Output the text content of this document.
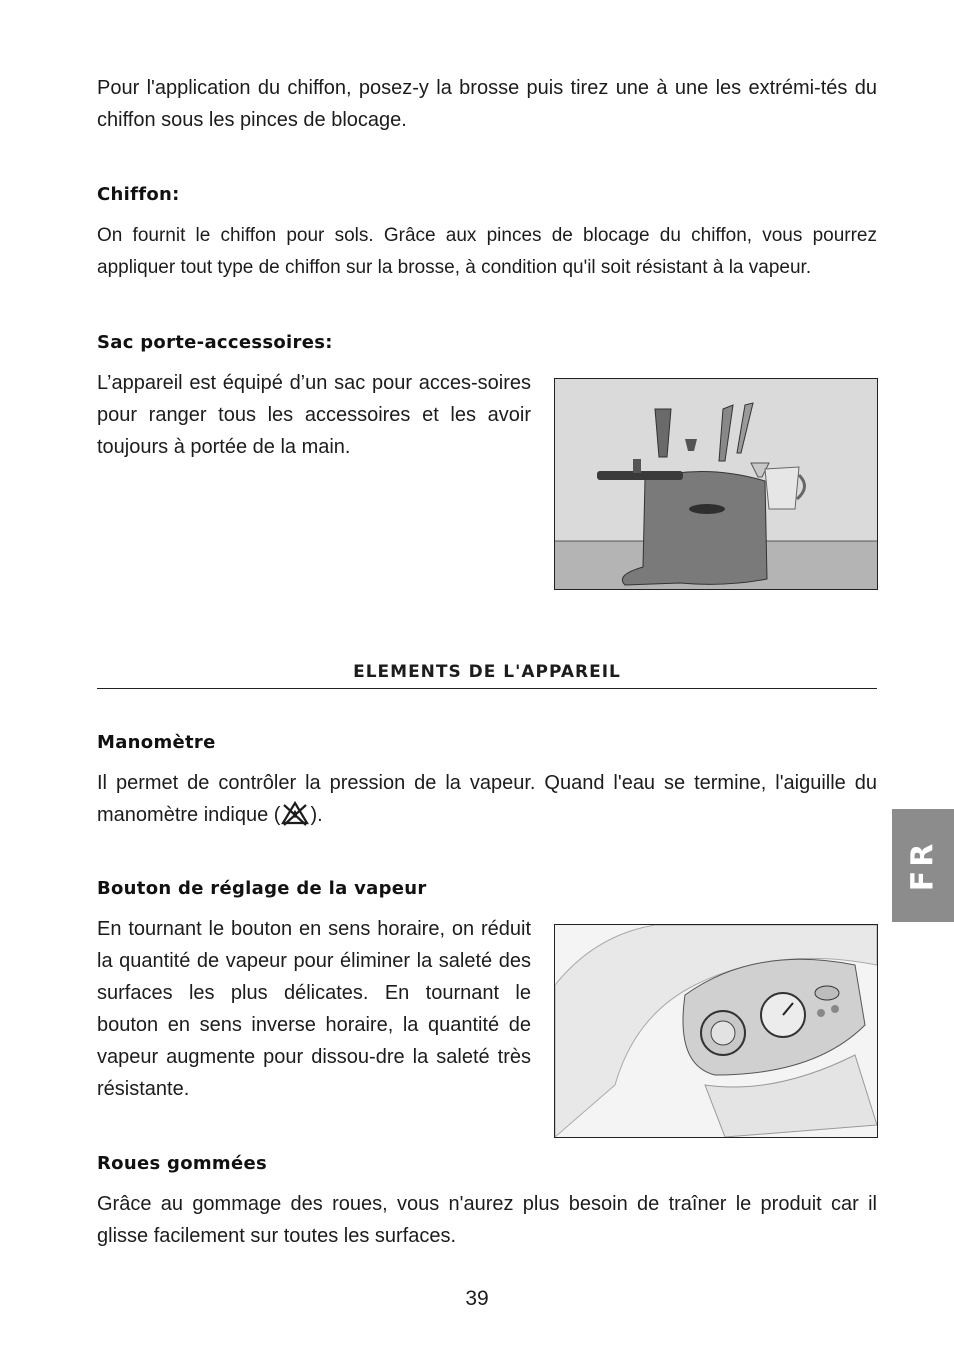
Pour l'application du chiffon, posez-y la brosse puis tirez une à une les extrémi-tés du chiffon sous les pinces de blocage.

Chiffon:

On fournit le chiffon pour sols. Grâce aux pinces de blocage du chiffon, vous pourrez appliquer tout type de chiffon sur la brosse, à condition qu'il soit résistant à la vapeur.

Sac porte-accessoires:

L’appareil est équipé d’un sac pour acces-soires pour ranger tous les accessoires et les avoir toujours à portée de la main.

ELEMENTS DE L'APPAREIL
Manomètre

Il permet de contrôler la pression de la vapeur. Quand l'eau se termine, l'aiguille du manomètre indique ( ).

Bouton de réglage de la vapeur

En tournant le bouton en sens horaire, on réduit la quantité de vapeur pour éliminer la saleté des surfaces les plus délicates. En tournant le bouton en sens inverse horaire, la quantité de vapeur augmente pour dissou-dre la saleté très résistante.

Roues gommées

Grâce au gommage des roues, vous n'aurez plus besoin de traîner le produit car il glisse facilement sur toutes les surfaces.

FR

39
